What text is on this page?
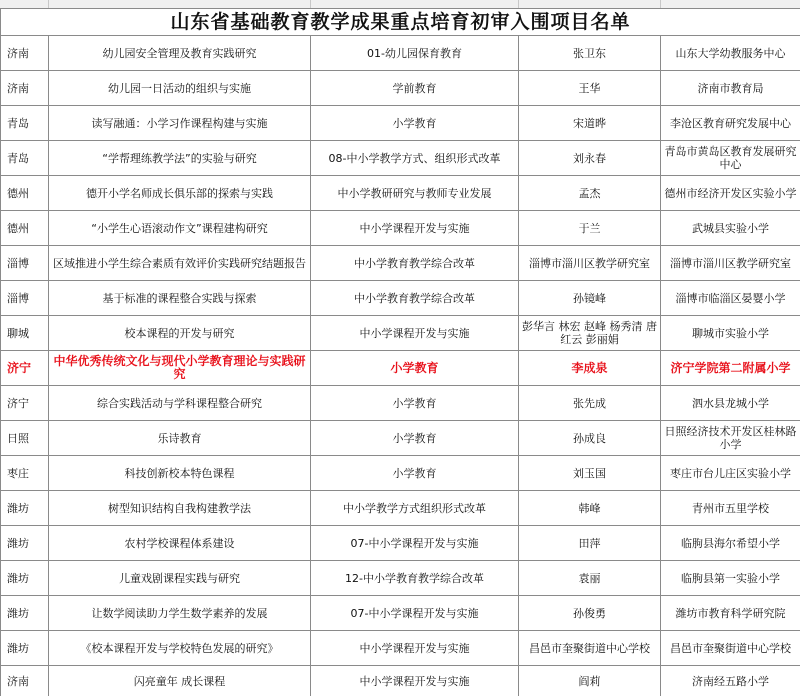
山东省基础教育教学成果重点培育初审入围项目名单				
济南	幼儿园安全管理及教育实践研究	01-幼儿园保育教育	张卫东	山东大学幼教服务中心
济南	幼儿园一日活动的组织与实施	学前教育	王华	济南市教育局
青岛	读写融通：小学习作课程构建与实施	小学教育	宋道晔	李沧区教育研究发展中心
青岛	“学帮理练教学法”的实验与研究	08-中小学教学方式、组织形式改革	刘永春	青岛市黄岛区教育发展研究中心
德州	德开小学名师成长俱乐部的探索与实践	中小学教研研究与教师专业发展	孟杰	德州市经济开发区实验小学
德州	“小学生心语滚动作文”课程建构研究	中小学课程开发与实施	于兰	武城县实验小学
淄博	区域推进小学生综合素质有效评价实践研究结题报告	中小学教育教学综合改革	淄博市淄川区教学研究室	淄博市淄川区教学研究室
淄博	基于标准的课程整合实践与探索	中小学教育教学综合改革	孙镜峰	淄博市临淄区晏婴小学
聊城	校本课程的开发与研究	中小学课程开发与实施	彭华言 林宏 赵峰 杨秀清 唐红云 彭丽娟	聊城市实验小学
济宁	中华优秀传统文化与现代小学教育理论与实践研究	小学教育	李成泉	济宁学院第二附属小学
济宁	综合实践活动与学科课程整合研究	小学教育	张先成	泗水县龙城小学
日照	乐诗教育	小学教育	孙成良	日照经济技术开发区桂林路小学
枣庄	科技创新校本特色课程	小学教育	刘玉国	枣庄市台儿庄区实验小学
潍坊	树型知识结构自我构建教学法	中小学教学方式组织形式改革	韩峰	青州市五里学校
潍坊	农村学校课程体系建设	07-中小学课程开发与实施	田萍	临朐县海尔希望小学
潍坊	儿童戏剧课程实践与研究	12-中小学教育教学综合改革	袁丽	临朐县第一实验小学
潍坊	让数学阅读助力学生数学素养的发展	07-中小学课程开发与实施	孙俊勇	潍坊市教育科学研究院
潍坊	《校本课程开发与学校特色发展的研究》	中小学课程开发与实施	昌邑市奎聚街道中心学校	昌邑市奎聚街道中心学校
济南	闪亮童年 成长课程	中小学课程开发与实施	阎莉	济南经五路小学
